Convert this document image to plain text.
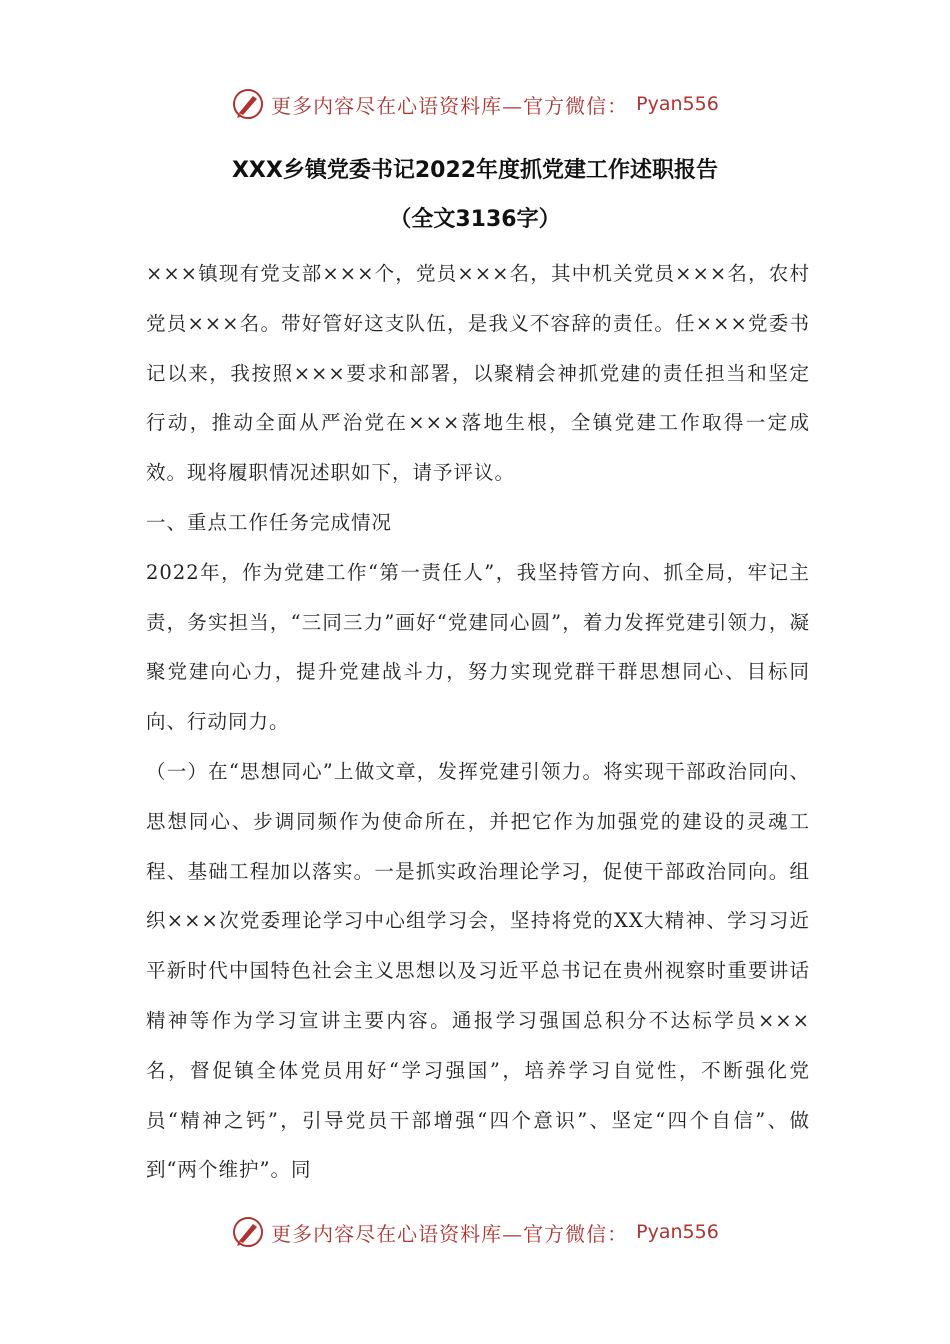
更多内容尽在心语资料库—官方微信： Pyan556
XXX乡镇党委书记2022年度抓党建工作述职报告
（全文3136字）

×××镇现有党支部×××个，党员×××名，其中机关党员×××名，农村党员×××名。带好管好这支队伍，是我义不容辞的责任。任×××党委书记以来，我按照×××要求和部署，以聚精会神抓党建的责任担当和坚定行动，推动全面从严治党在×××落地生根，全镇党建工作取得一定成效。现将履职情况述职如下，请予评议。

一、重点工作任务完成情况

2022年，作为党建工作“第一责任人”，我坚持管方向、抓全局，牢记主责，务实担当，“三同三力”画好“党建同心圆”，着力发挥党建引领力，凝聚党建向心力，提升党建战斗力，努力实现党群干群思想同心、目标同向、行动同力。

（一）在“思想同心”上做文章，发挥党建引领力。将实现干部政治同向、思想同心、步调同频作为使命所在，并把它作为加强党的建设的灵魂工程、基础工程加以落实。一是抓实政治理论学习，促使干部政治同向。组织×××次党委理论学习中心组学习会，坚持将党的XX大精神、学习习近平新时代中国特色社会主义思想以及习近平总书记在贵州视察时重要讲话精神等作为学习宣讲主要内容。通报学习强国总积分不达标学员×××名，督促镇全体党员用好“学习强国”，培养学习自觉性，不断强化党员“精神之钙”，引导党员干部增强“四个意识”、坚定“四个自信”、做到“两个维护”。同

更多内容尽在心语资料库—官方微信： Pyan556
